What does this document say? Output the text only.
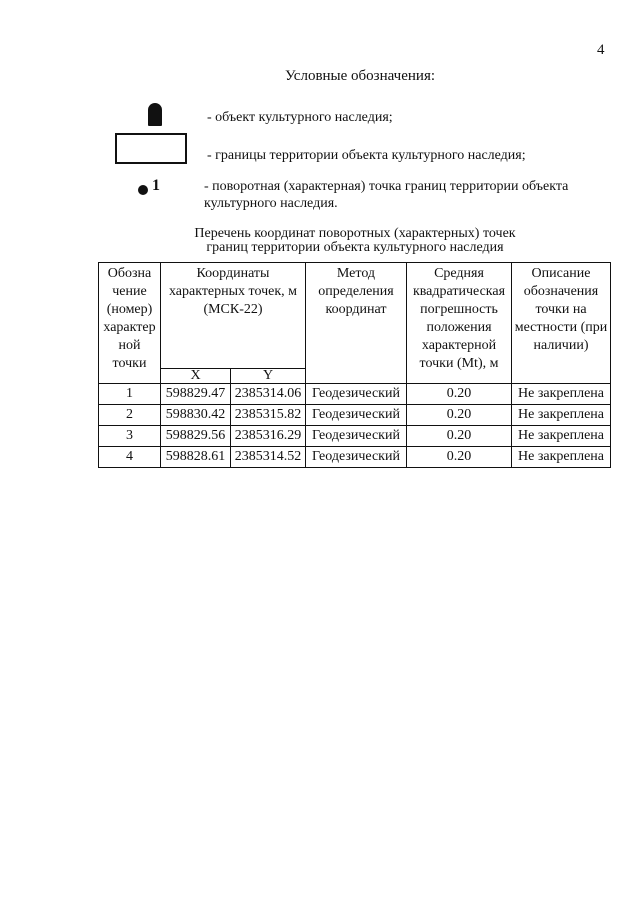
4
Условные обозначения:
- объект культурного наследия;
- границы территории объекта культурного наследия;
1	- поворотная (характерная) точка границ территории объекта культурного наследия.
Перечень координат поворотных (характерных) точек
границ территории объекта культурного наследия
Обозна чение (номер) характер ной точки	Координаты характерных точек, м (МСК-22)		Метод определения координат	Средняя квадратическая погрешность положения характерной точки (Mt), м	Описание обозначения точки на местности (при наличии)
	X	Y			
1	598829.47	2385314.06	Геодезический	0.20	Не закреплена
2	598830.42	2385315.82	Геодезический	0.20	Не закреплена
3	598829.56	2385316.29	Геодезический	0.20	Не закреплена
4	598828.61	2385314.52	Геодезический	0.20	Не закреплена
